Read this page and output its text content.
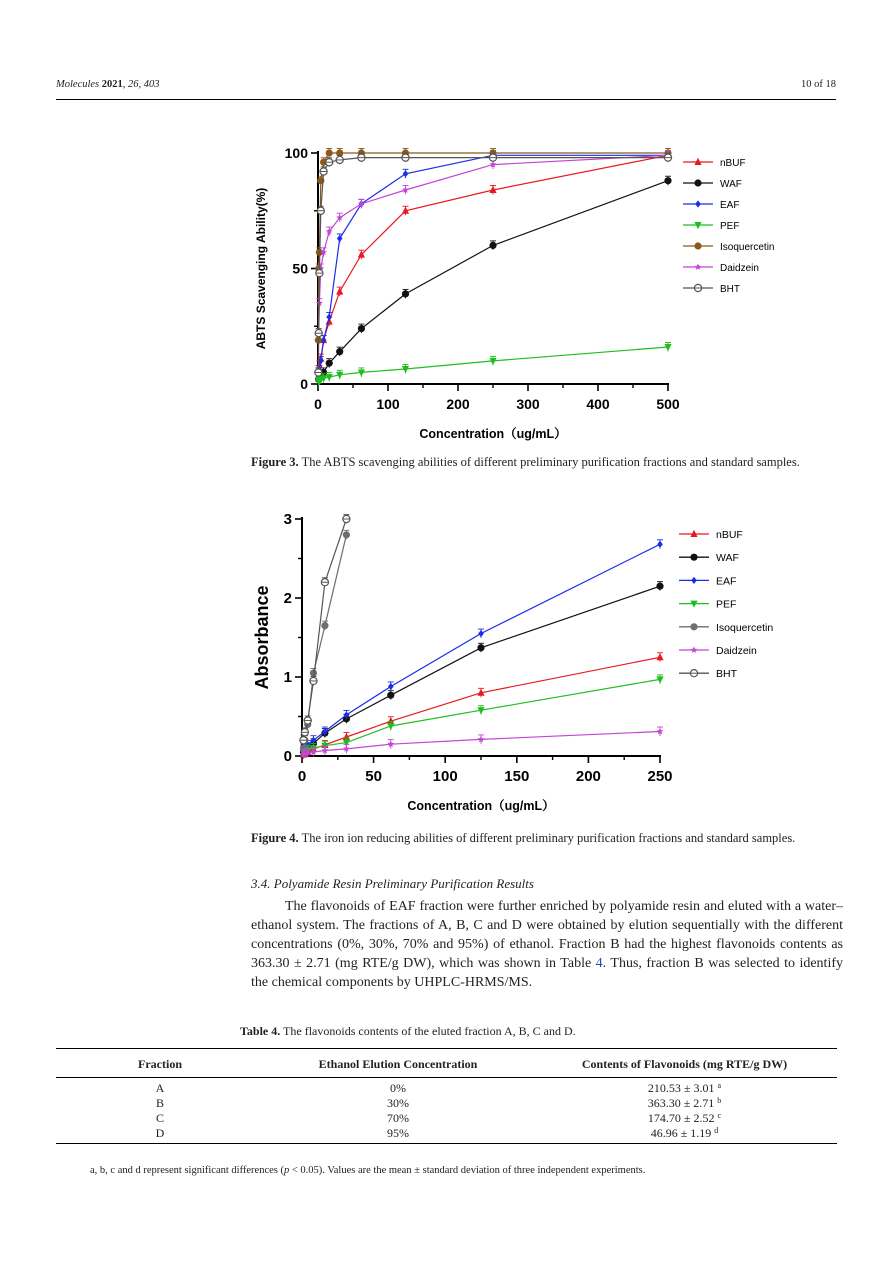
Molecules 2021, 26, 403	10 of 18
0	100	200	300	400	500
0
50
100
Concentration（ug/mL）
ABTS Scavenging Ability(%)
nBUF
WAF
EAF
PEF
Isoquercetin
Daidzein
BHT
Figure 3. The ABTS scavenging abilities of different preliminary purification fractions and standard samples.
0	50	100	150	200	250
0
1
2
3
Concentration（ug/mL）
Absorbance
nBUF
WAF
EAF
PEF
Isoquercetin
Daidzein
BHT
Figure 4. The iron ion reducing abilities of different preliminary purification fractions and standard samples.
3.4. Polyamide Resin Preliminary Purification Results
The flavonoids of EAF fraction were further enriched by polyamide resin and eluted with a water–ethanol system. The fractions of A, B, C and D were obtained by elution sequentially with the different concentrations (0%, 30%, 70% and 95%) of ethanol. Fraction B had the highest flavonoids contents as 363.30 ± 2.71 (mg RTE/g DW), which was shown in Table 4. Thus, fraction B was selected to identify the chemical components by UHPLC-HRMS/MS.
Table 4. The flavonoids contents of the eluted fraction A, B, C and D.
Fraction	Ethanol Elution Concentration	Contents of Flavonoids (mg RTE/g DW)
A	0%	210.53 ± 3.01 $^a$
B	30%	363.30 ± 2.71 $^b$
C	70%	174.70 ± 2.52 $^c$
D	95%	46.96 ± 1.19 $^d$
a, b, c and d represent significant differences (p < 0.05). Values are the mean ± standard deviation of three independent experiments.
